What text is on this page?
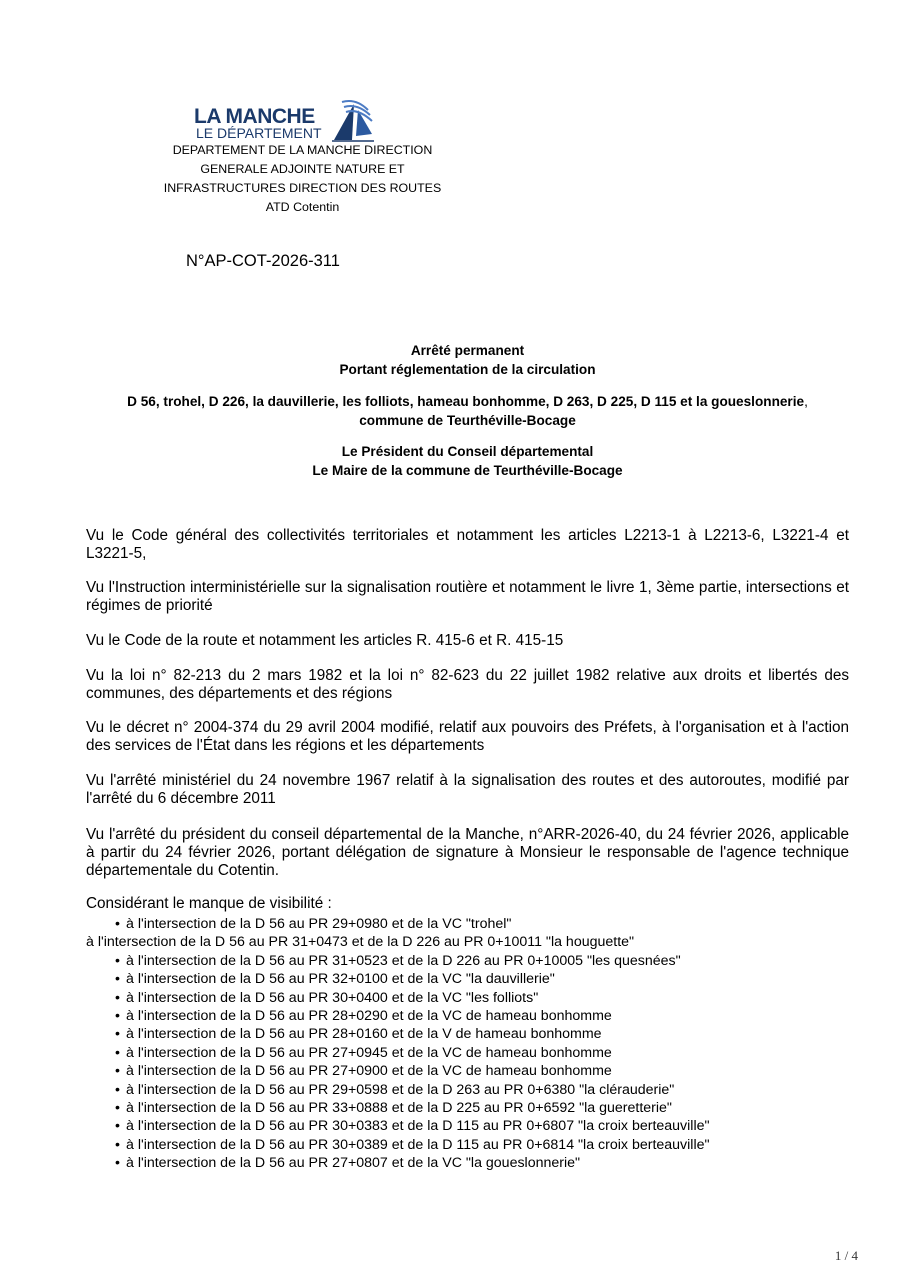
LA MANCHE
LE DÉPARTEMENT
DEPARTEMENT DE LA MANCHE DIRECTION
GENERALE ADJOINTE NATURE ET
INFRASTRUCTURES DIRECTION DES ROUTES
ATD Cotentin
N°AP-COT-2026-311
Arrêté permanent
Portant réglementation de la circulation
D 56, trohel, D 226, la dauvillerie, les folliots, hameau bonhomme, D 263, D 225, D 115 et la goueslonnerie,
commune de Teurthéville-Bocage
Le Président du Conseil départemental
Le Maire de la commune de Teurthéville-Bocage

Vu le Code général des collectivités territoriales et notamment les articles L2213-1 à L2213-6, L3221-4 et L3221-5,

Vu l'Instruction interministérielle sur la signalisation routière et notamment le livre 1, 3ème partie, intersections et régimes de priorité

Vu le Code de la route et notamment les articles R. 415-6 et R. 415-15

Vu la loi n° 82-213 du 2 mars 1982 et la loi n° 82-623 du 22 juillet 1982 relative aux droits et libertés des communes, des départements et des régions

Vu le décret n° 2004-374 du 29 avril 2004 modifié, relatif aux pouvoirs des Préfets, à l'organisation et à l'action des services de l'État dans les régions et les départements

Vu l'arrêté ministériel du 24 novembre 1967 relatif à la signalisation des routes et des autoroutes, modifié par l'arrêté du 6 décembre 2011

Vu l'arrêté du président du conseil départemental de la Manche, n°ARR-2026-40, du 24 février 2026, applicable à partir du 24 février 2026, portant délégation de signature à Monsieur le responsable de l'agence technique départementale du Cotentin.

Considérant le manque de visibilité :

• à l'intersection de la D 56 au PR 29+0980 et de la VC "trohel"
à l'intersection de la D 56 au PR 31+0473 et de la D 226 au PR 0+10011 "la houguette"
• à l'intersection de la D 56 au PR 31+0523 et de la D 226 au PR 0+10005 "les quesnées"
• à l'intersection de la D 56 au PR 32+0100 et de la VC "la dauvillerie"
• à l'intersection de la D 56 au PR 30+0400 et de la VC "les folliots"
• à l'intersection de la D 56 au PR 28+0290 et de la VC de hameau bonhomme
• à l'intersection de la D 56 au PR 28+0160 et de la V de hameau bonhomme
• à l'intersection de la D 56 au PR 27+0945 et de la VC de hameau bonhomme
• à l'intersection de la D 56 au PR 27+0900 et de la VC de hameau bonhomme
• à l'intersection de la D 56 au PR 29+0598 et de la D 263 au PR 0+6380 "la clérauderie"
• à l'intersection de la D 56 au PR 33+0888 et de la D 225 au PR 0+6592 "la gueretterie"
• à l'intersection de la D 56 au PR 30+0383 et de la D 115 au PR 0+6807 "la croix berteauville"
• à l'intersection de la D 56 au PR 30+0389 et de la D 115 au PR 0+6814 "la croix berteauville"
• à l'intersection de la D 56 au PR 27+0807 et de la VC "la goueslonnerie"
1 / 4
